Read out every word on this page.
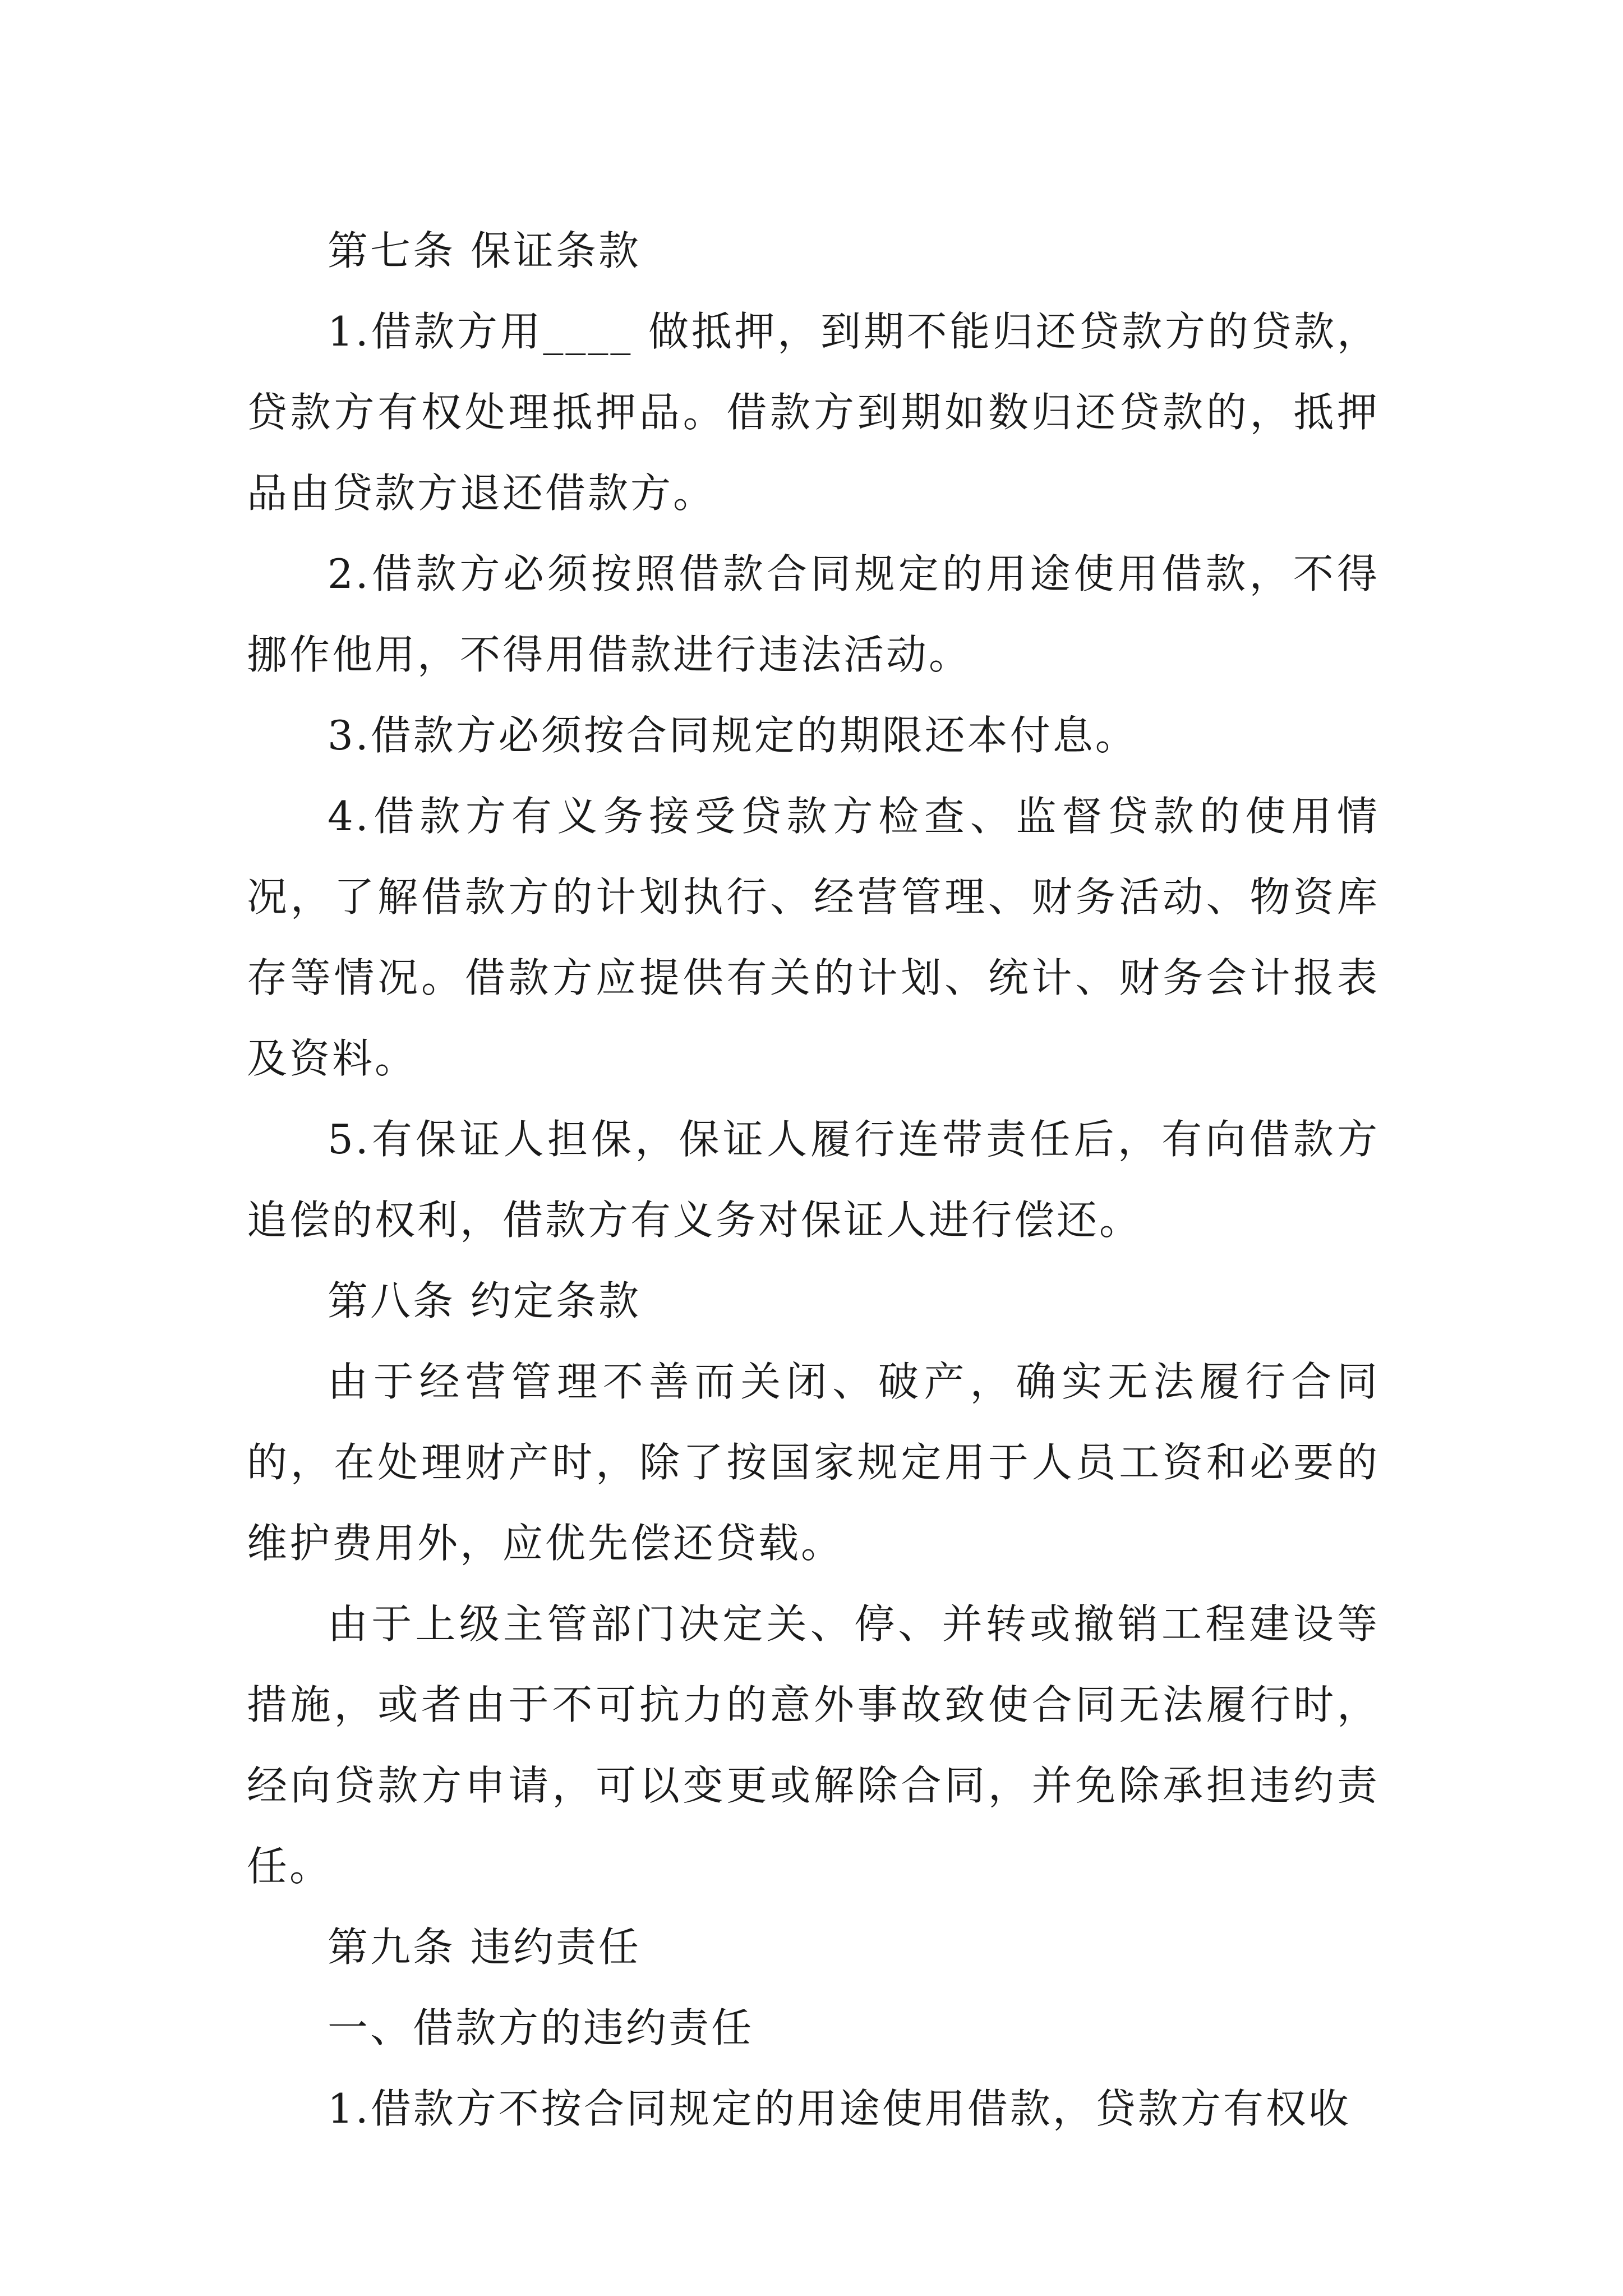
第七条 保证条款

1.借款方用____ 做抵押，到期不能归还贷款方的贷款，贷款方有权处理抵押品。借款方到期如数归还贷款的，抵押品由贷款方退还借款方。

2.借款方必须按照借款合同规定的用途使用借款，不得挪作他用，不得用借款进行违法活动。

3.借款方必须按合同规定的期限还本付息。

4.借款方有义务接受贷款方检查、监督贷款的使用情况，了解借款方的计划执行、经营管理、财务活动、物资库存等情况。借款方应提供有关的计划、统计、财务会计报表及资料。

5.有保证人担保，保证人履行连带责任后，有向借款方追偿的权利，借款方有义务对保证人进行偿还。

第八条 约定条款

由于经营管理不善而关闭、破产，确实无法履行合同的，在处理财产时，除了按国家规定用于人员工资和必要的维护费用外，应优先偿还贷载。

由于上级主管部门决定关、停、并转或撤销工程建设等措施，或者由于不可抗力的意外事故致使合同无法履行时，经向贷款方申请，可以变更或解除合同，并免除承担违约责任。

第九条 违约责任

一、借款方的违约责任

1.借款方不按合同规定的用途使用借款，贷款方有权收
